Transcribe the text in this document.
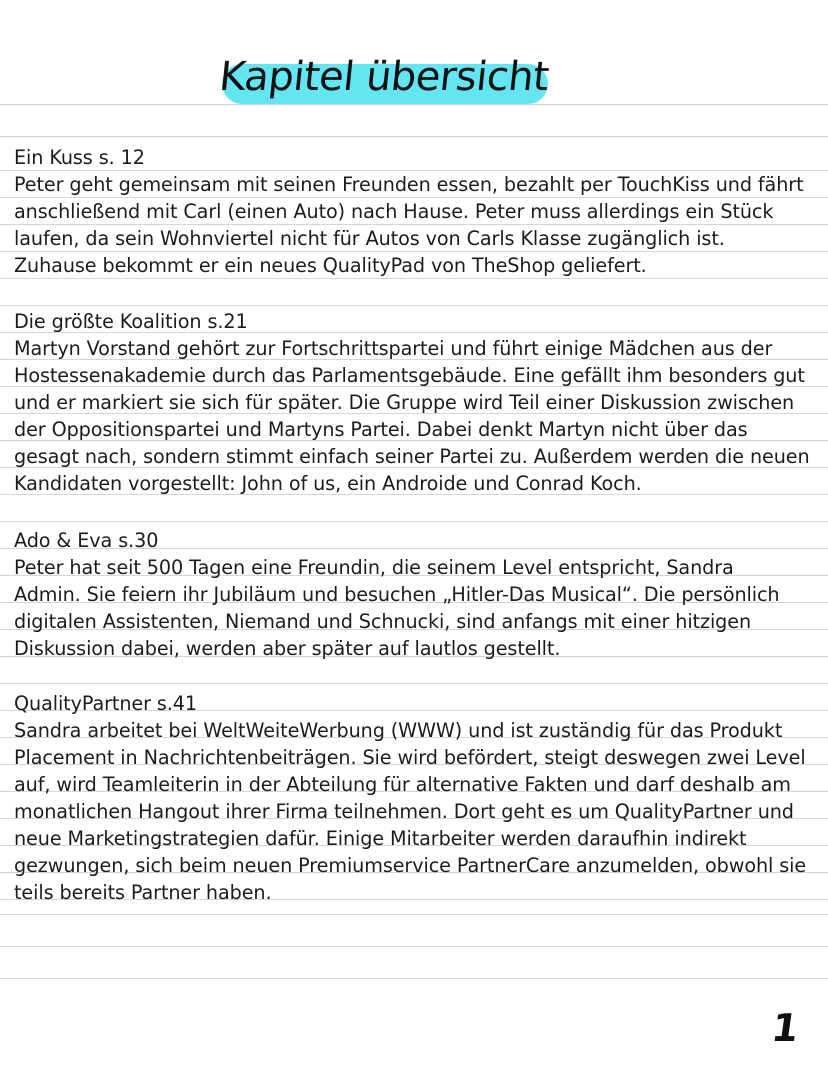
Kapitel übersicht
Ein Kuss s. 12
Peter geht gemeinsam mit seinen Freunden essen, bezahlt per TouchKiss und fährt
anschließend mit Carl (einen Auto) nach Hause. Peter muss allerdings ein Stück
laufen, da sein Wohnviertel nicht für Autos von Carls Klasse zugänglich ist.
Zuhause bekommt er ein neues QualityPad von TheShop geliefert.
Die größte Koalition s.21
Martyn Vorstand gehört zur Fortschrittspartei und führt einige Mädchen aus der
Hostessenakademie durch das Parlamentsgebäude. Eine gefällt ihm besonders gut
und er markiert sie sich für später. Die Gruppe wird Teil einer Diskussion zwischen
der Oppositionspartei und Martyns Partei. Dabei denkt Martyn nicht über das
gesagt nach, sondern stimmt einfach seiner Partei zu. Außerdem werden die neuen
Kandidaten vorgestellt: John of us, ein Androide und Conrad Koch.
Ado & Eva s.30
Peter hat seit 500 Tagen eine Freundin, die seinem Level entspricht, Sandra
Admin. Sie feiern ihr Jubiläum und besuchen „Hitler-Das Musical“. Die persönlich
digitalen Assistenten, Niemand und Schnucki, sind anfangs mit einer hitzigen
Diskussion dabei, werden aber später auf lautlos gestellt.
QualityPartner s.41
Sandra arbeitet bei WeltWeiteWerbung (WWW) und ist zuständig für das Produkt
Placement in Nachrichtenbeiträgen. Sie wird befördert, steigt deswegen zwei Level
auf, wird Teamleiterin in der Abteilung für alternative Fakten und darf deshalb am
monatlichen Hangout ihrer Firma teilnehmen. Dort geht es um QualityPartner und
neue Marketingstrategien dafür. Einige Mitarbeiter werden daraufhin indirekt
gezwungen, sich beim neuen Premiumservice PartnerCare anzumelden, obwohl sie
teils bereits Partner haben.
1
